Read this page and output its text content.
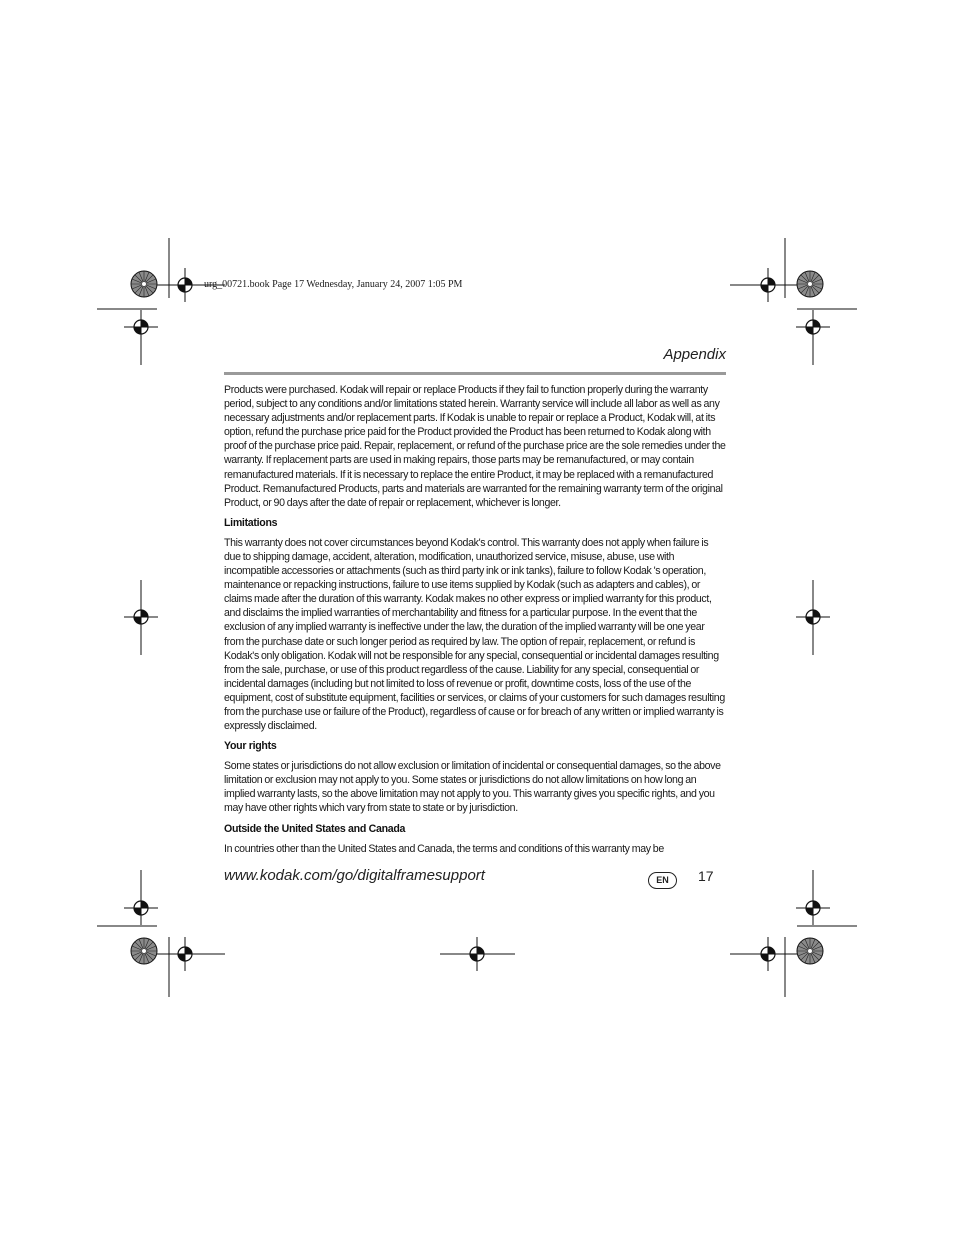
urg_00721.book Page 17 Wednesday, January 24, 2007 1:05 PM
Appendix

Products were purchased. Kodak will repair or replace Products if they fail to function properly during the warranty period, subject to any conditions and/or limitations stated herein. Warranty service will include all labor as well as any necessary adjustments and/or replacement parts. If Kodak is unable to repair or replace a Product, Kodak will, at its option, refund the purchase price paid for the Product provided the Product has been returned to Kodak along with proof of the purchase price paid. Repair, replacement, or refund of the purchase price are the sole remedies under the warranty. If replacement parts are used in making repairs, those parts may be remanufactured, or may contain remanufactured materials. If it is necessary to replace the entire Product, it may be replaced with a remanufactured Product. Remanufactured Products, parts and materials are warranted for the remaining warranty term of the original Product, or 90 days after the date of repair or replacement, whichever is longer.

Limitations

This warranty does not cover circumstances beyond Kodak's control. This warranty does not apply when failure is due to shipping damage, accident, alteration, modification, unauthorized service, misuse, abuse, use with incompatible accessories or attachments (such as third party ink or ink tanks), failure to follow Kodak 's operation, maintenance or repacking instructions, failure to use items supplied by Kodak (such as adapters and cables), or claims made after the duration of this warranty. Kodak makes no other express or implied warranty for this product, and disclaims the implied warranties of merchantability and fitness for a particular purpose. In the event that the exclusion of any implied warranty is ineffective under the law, the duration of the implied warranty will be one year from the purchase date or such longer period as required by law. The option of repair, replacement, or refund is Kodak's only obligation. Kodak will not be responsible for any special, consequential or incidental damages resulting from the sale, purchase, or use of this product regardless of the cause. Liability for any special, consequential or incidental damages (including but not limited to loss of revenue or profit, downtime costs, loss of the use of the equipment, cost of substitute equipment, facilities or services, or claims of your customers for such damages resulting from the purchase use or failure of the Product), regardless of cause or for breach of any written or implied warranty is expressly disclaimed.

Your rights

Some states or jurisdictions do not allow exclusion or limitation of incidental or consequential damages, so the above limitation or exclusion may not apply to you. Some states or jurisdictions do not allow limitations on how long an implied warranty lasts, so the above limitation may not apply to you. This warranty gives you specific rights, and you may have other rights which vary from state to state or by jurisdiction.

Outside the United States and Canada

In countries other than the United States and Canada, the terms and conditions of this warranty may be

www.kodak.com/go/digitalframesupport	EN	17
